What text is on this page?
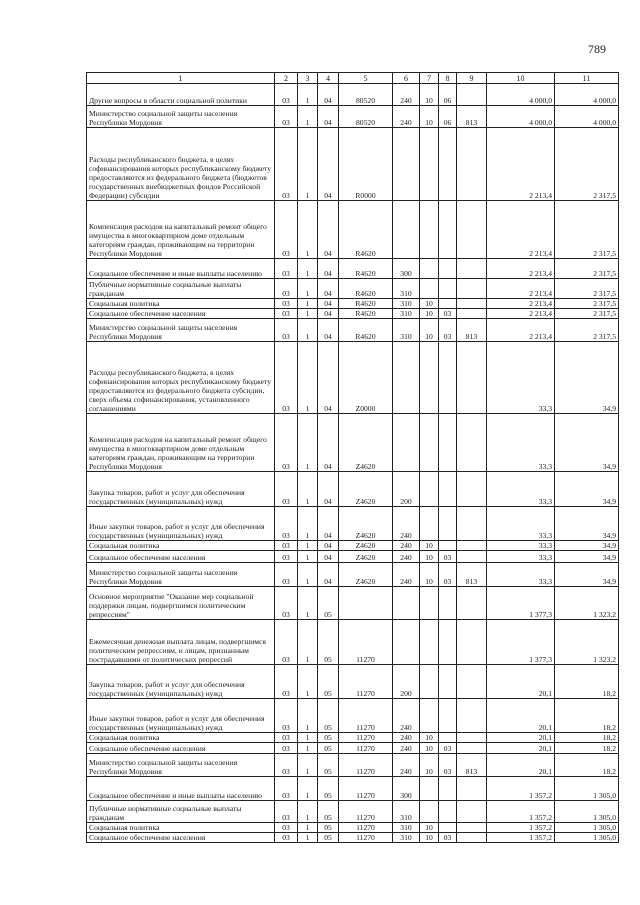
789
1	2	3	4	5	6	7	8	9	10	11
Другие вопросы в области социальной политики	03	1	04	80520	240	10	06		4 000,0	4 000,0
Министерство социальной защиты населения Республики Мордовия	03	1	04	80520	240	10	06	813	4 000,0	4 000,0
Расходы республиканского бюджета, в целях софинансирования которых республиканскому бюджету предоставляются из федерального бюджета (бюджетов государственных внебюджетных фондов Российской Федерации) субсидии	03	1	04	R0000					2 213,4	2 317,5
Компенсация расходов на капитальный ремонт общего имущества в многоквартирном доме отдельным категориям граждан, проживающим на территории Республики Мордовия	03	1	04	R4620					2 213,4	2 317,5
Социальное обеспечение и иные выплаты населению	03	1	04	R4620	300				2 213,4	2 317,5
Публичные нормативные социальные выплаты гражданам	03	1	04	R4620	310				2 213,4	2 317,5
Социальная политика	03	1	04	R4620	310	10			2 213,4	2 317,5
Социальное обеспечение населения	03	1	04	R4620	310	10	03		2 213,4	2 317,5
Министерство социальной защиты населения Республики Мордовия	03	1	04	R4620	310	10	03	813	2 213,4	2 317,5
Расходы республиканского бюджета, в целях софинансирования которых республиканскому бюджету предоставляются из федерального бюджета субсидии, сверх объема софинансирования, установленного соглашениями	03	1	04	Z0000					33,3	34,9
Компенсация расходов на капитальный ремонт общего имущества в многоквартирном доме отдельным категориям граждан, проживающим на территории Республики Мордовия	03	1	04	Z4620					33,3	34,9
Закупка товаров, работ и услуг для обеспечения государственных (муниципальных) нужд	03	1	04	Z4620	200				33,3	34,9
Иные закупки товаров, работ и услуг для обеспечения государственных (муниципальных) нужд	03	1	04	Z4620	240				33,3	34,9
Социальная политика	03	1	04	Z4620	240	10			33,3	34,9
Социальное обеспечение населения	03	1	04	Z4620	240	10	03		33,3	34,9
Министерство социальной защиты населения Республики Мордовия	03	1	04	Z4620	240	10	03	813	33,3	34,9
Основное мероприятие "Оказание мер социальной поддержки лицам, подвергшимся политическим репрессиям"	03	1	05						1 377,3	1 323,2
Ежемесячная денежная выплата лицам, подвергшимся политическим репрессиям, и лицам, признанным пострадавшими от политических репрессий	03	1	05	11270					1 377,3	1 323,2
Закупка товаров, работ и услуг для обеспечения государственных (муниципальных) нужд	03	1	05	11270	200				20,1	18,2
Иные закупки товаров, работ и услуг для обеспечения государственных (муниципальных) нужд	03	1	05	11270	240				20,1	18,2
Социальная политика	03	1	05	11270	240	10			20,1	18,2
Социальное обеспечение населения	03	1	05	11270	240	10	03		20,1	18,2
Министерство социальной защиты населения Республики Мордовия	03	1	05	11270	240	10	03	813	20,1	18,2
Социальное обеспечение и иные выплаты населению	03	1	05	11270	300				1 357,2	1 305,0
Публичные нормативные социальные выплаты гражданам	03	1	05	11270	310				1 357,2	1 305,0
Социальная политика	03	1	05	11270	310	10			1 357,2	1 305,0
Социальное обеспечение населения	03	1	05	11270	310	10	03		1 357,2	1 305,0
